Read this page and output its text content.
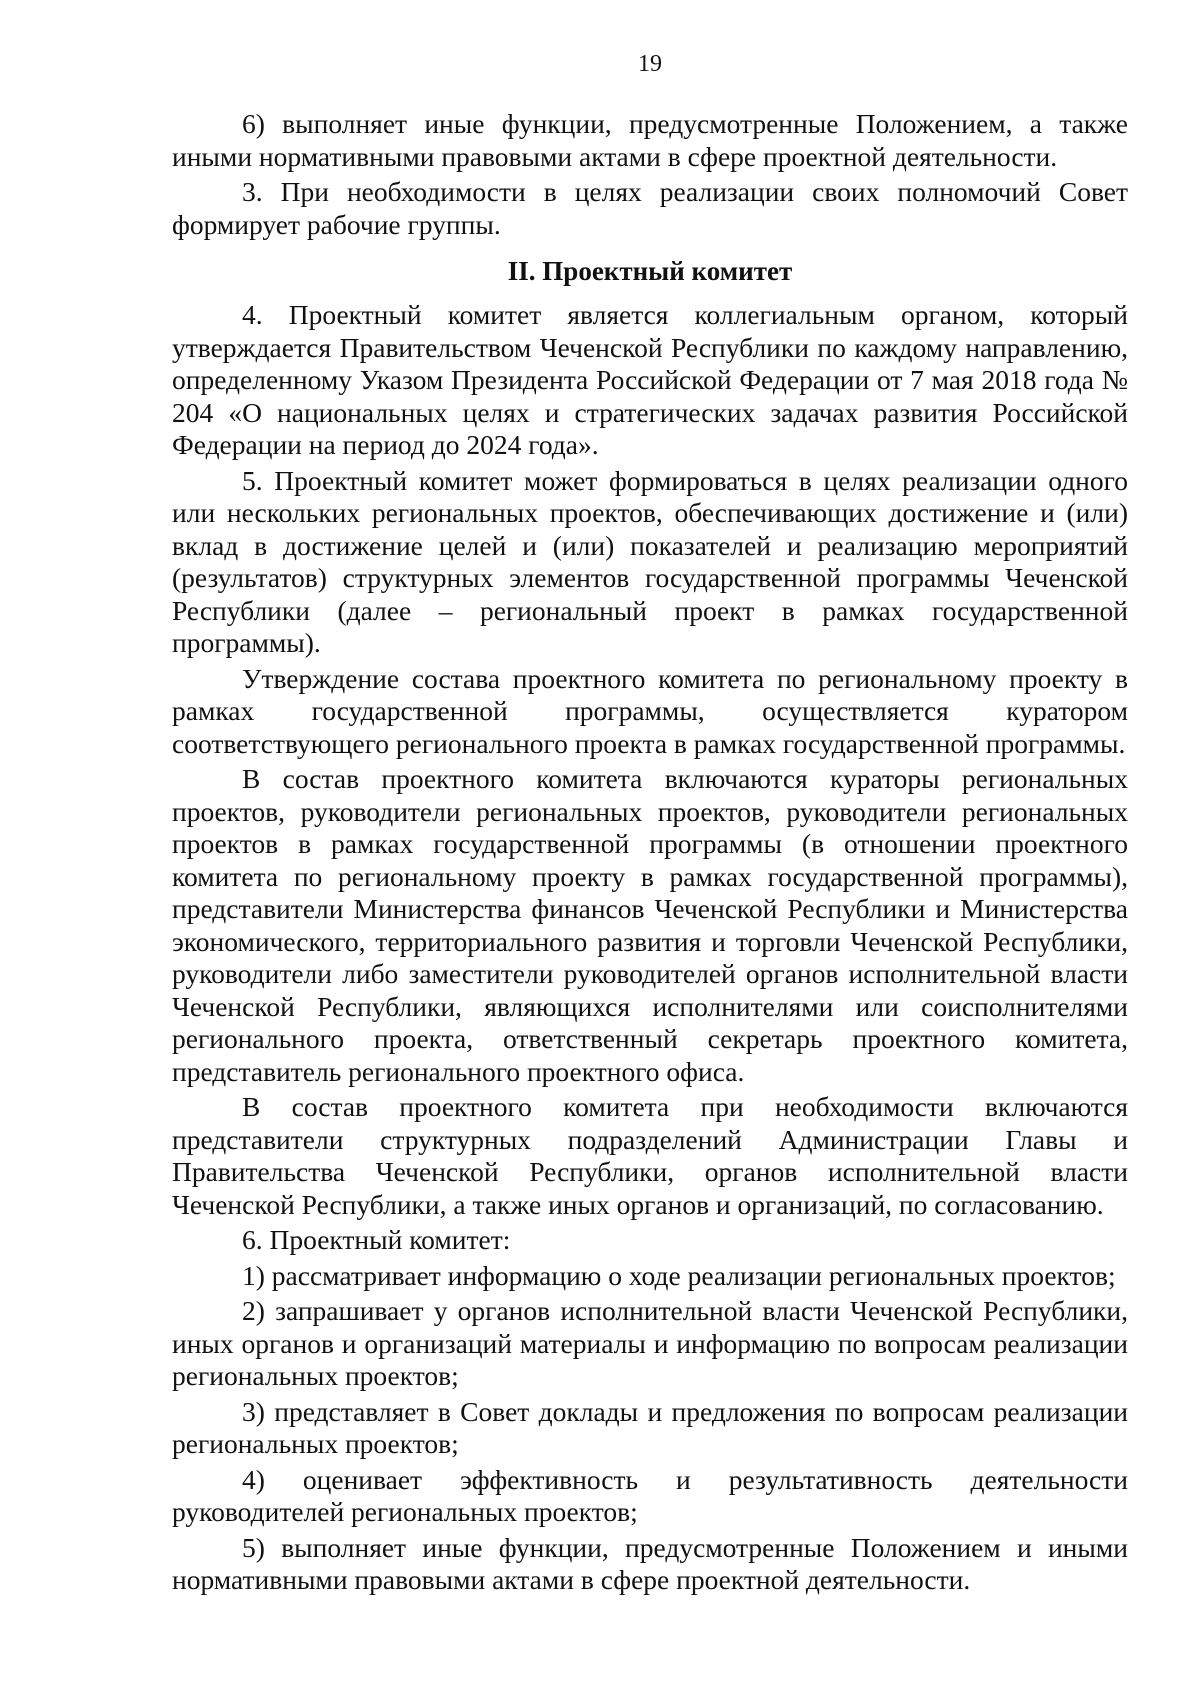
19

6) выполняет иные функции, предусмотренные Положением, а также иными нормативными правовыми актами в сфере проектной деятельности.

3. При необходимости в целях реализации своих полномочий Совет формирует рабочие группы.

II. Проектный комитет

4. Проектный комитет является коллегиальным органом, который утверждается Правительством Чеченской Республики по каждому направлению, определенному Указом Президента Российской Федерации от 7 мая 2018 года № 204 «О национальных целях и стратегических задачах развития Российской Федерации на период до 2024 года».

5. Проектный комитет может формироваться в целях реализации одного или нескольких региональных проектов, обеспечивающих достижение и (или) вклад в достижение целей и (или) показателей и реализацию мероприятий (результатов) структурных элементов государственной программы Чеченской Республики (далее – региональный проект в рамках государственной программы).

Утверждение состава проектного комитета по региональному проекту в рамках государственной программы, осуществляется куратором соответствующего регионального проекта в рамках государственной программы.

В состав проектного комитета включаются кураторы региональных проектов, руководители региональных проектов, руководители региональных проектов в рамках государственной программы (в отношении проектного комитета по региональному проекту в рамках государственной программы), представители Министерства финансов Чеченской Республики и Министерства экономического, территориального развития и торговли Чеченской Республики, руководители либо заместители руководителей органов исполнительной власти Чеченской Республики, являющихся исполнителями или соисполнителями регионального проекта, ответственный секретарь проектного комитета, представитель регионального проектного офиса.

В состав проектного комитета при необходимости включаются представители структурных подразделений Администрации Главы и Правительства Чеченской Республики, органов исполнительной власти Чеченской Республики, а также иных органов и организаций, по согласованию.

6. Проектный комитет:

1) рассматривает информацию о ходе реализации региональных проектов;

2) запрашивает у органов исполнительной власти Чеченской Республики, иных органов и организаций материалы и информацию по вопросам реализации региональных проектов;

3) представляет в Совет доклады и предложения по вопросам реализации региональных проектов;

4) оценивает эффективность и результативность деятельности руководителей региональных проектов;

5) выполняет иные функции, предусмотренные Положением и иными нормативными правовыми актами в сфере проектной деятельности.
